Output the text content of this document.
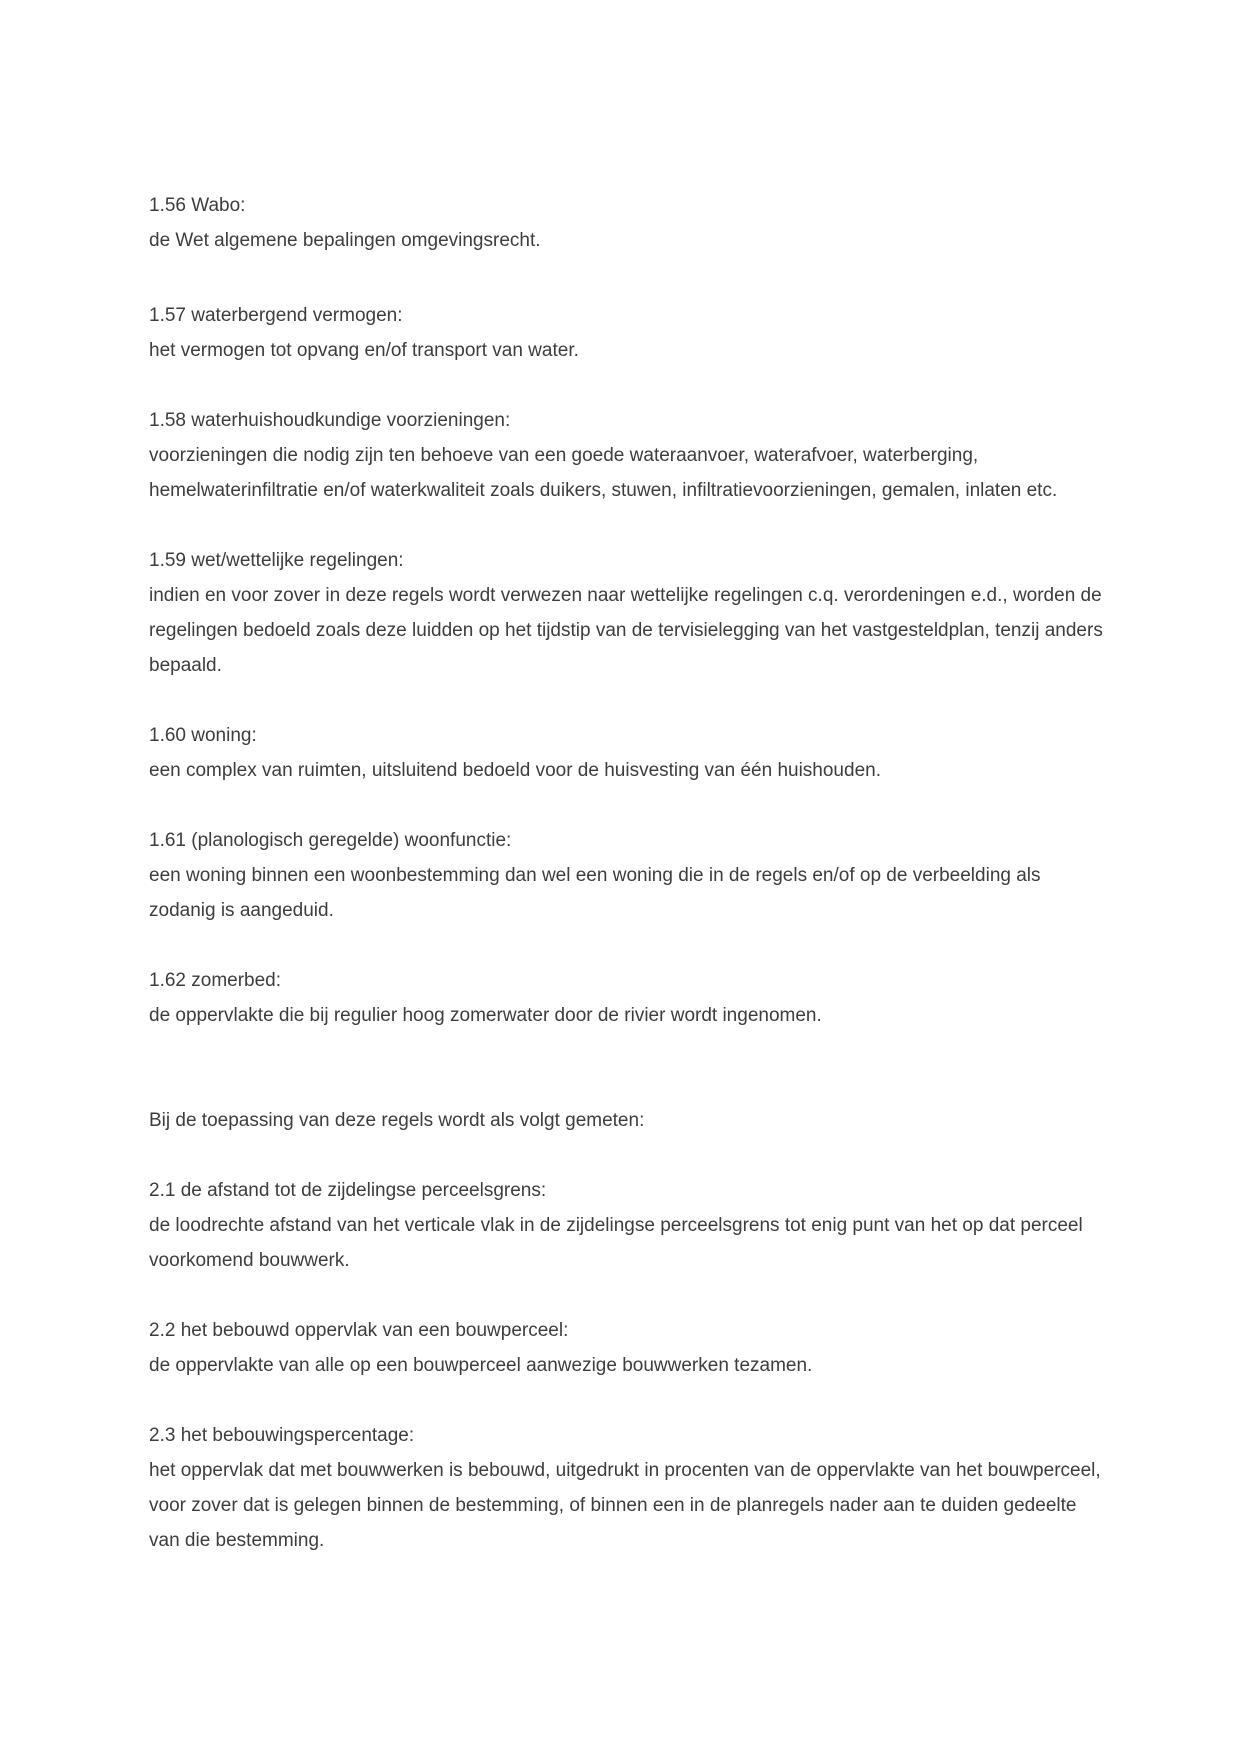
1.56 Wabo:
de Wet algemene bepalingen omgevingsrecht.
1.57 waterbergend vermogen:
het vermogen tot opvang en/of transport van water.
1.58 waterhuishoudkundige voorzieningen:
voorzieningen die nodig zijn ten behoeve van een goede wateraanvoer, waterafvoer, waterberging,
hemelwaterinfiltratie en/of waterkwaliteit zoals duikers, stuwen, infiltratievoorzieningen, gemalen, inlaten etc.
1.59 wet/wettelijke regelingen:
indien en voor zover in deze regels wordt verwezen naar wettelijke regelingen c.q. verordeningen e.d., worden de
regelingen bedoeld zoals deze luidden op het tijdstip van de tervisielegging van het vastgesteldplan, tenzij anders
bepaald.
1.60 woning:
een complex van ruimten, uitsluitend bedoeld voor de huisvesting van één huishouden.
1.61 (planologisch geregelde) woonfunctie:
een woning binnen een woonbestemming dan wel een woning die in de regels en/of op de verbeelding als
zodanig is aangeduid.
1.62 zomerbed:
de oppervlakte die bij regulier hoog zomerwater door de rivier wordt ingenomen.
Bij de toepassing van deze regels wordt als volgt gemeten:
2.1 de afstand tot de zijdelingse perceelsgrens:
de loodrechte afstand van het verticale vlak in de zijdelingse perceelsgrens tot enig punt van het op dat perceel
voorkomend bouwwerk.
2.2 het bebouwd oppervlak van een bouwperceel:
de oppervlakte van alle op een bouwperceel aanwezige bouwwerken tezamen.
2.3 het bebouwingspercentage:
het oppervlak dat met bouwwerken is bebouwd, uitgedrukt in procenten van de oppervlakte van het bouwperceel,
voor zover dat is gelegen binnen de bestemming, of binnen een in de planregels nader aan te duiden gedeelte
van die bestemming.
